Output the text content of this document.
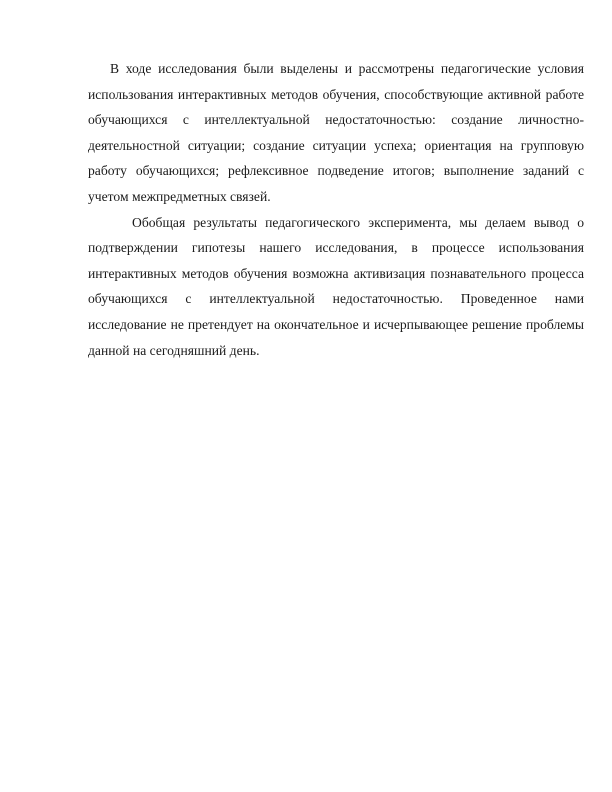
В ходе исследования были выделены и рассмотрены педагогические условия использования интерактивных методов обучения, способствующие активной работе обучающихся с интеллектуальной недостаточностью: создание личностно-деятельностной ситуации; создание ситуации успеха; ориентация на групповую работу обучающихся; рефлексивное подведение итогов; выполнение заданий с учетом межпредметных связей.

Обобщая результаты педагогического эксперимента, мы делаем вывод о подтверждении гипотезы нашего исследования, в процессе использования интерактивных методов обучения возможна активизация познавательного процесса обучающихся с интеллектуальной недостаточностью. Проведенное нами исследование не претендует на окончательное и исчерпывающее решение проблемы данной на сегодняшний день.
